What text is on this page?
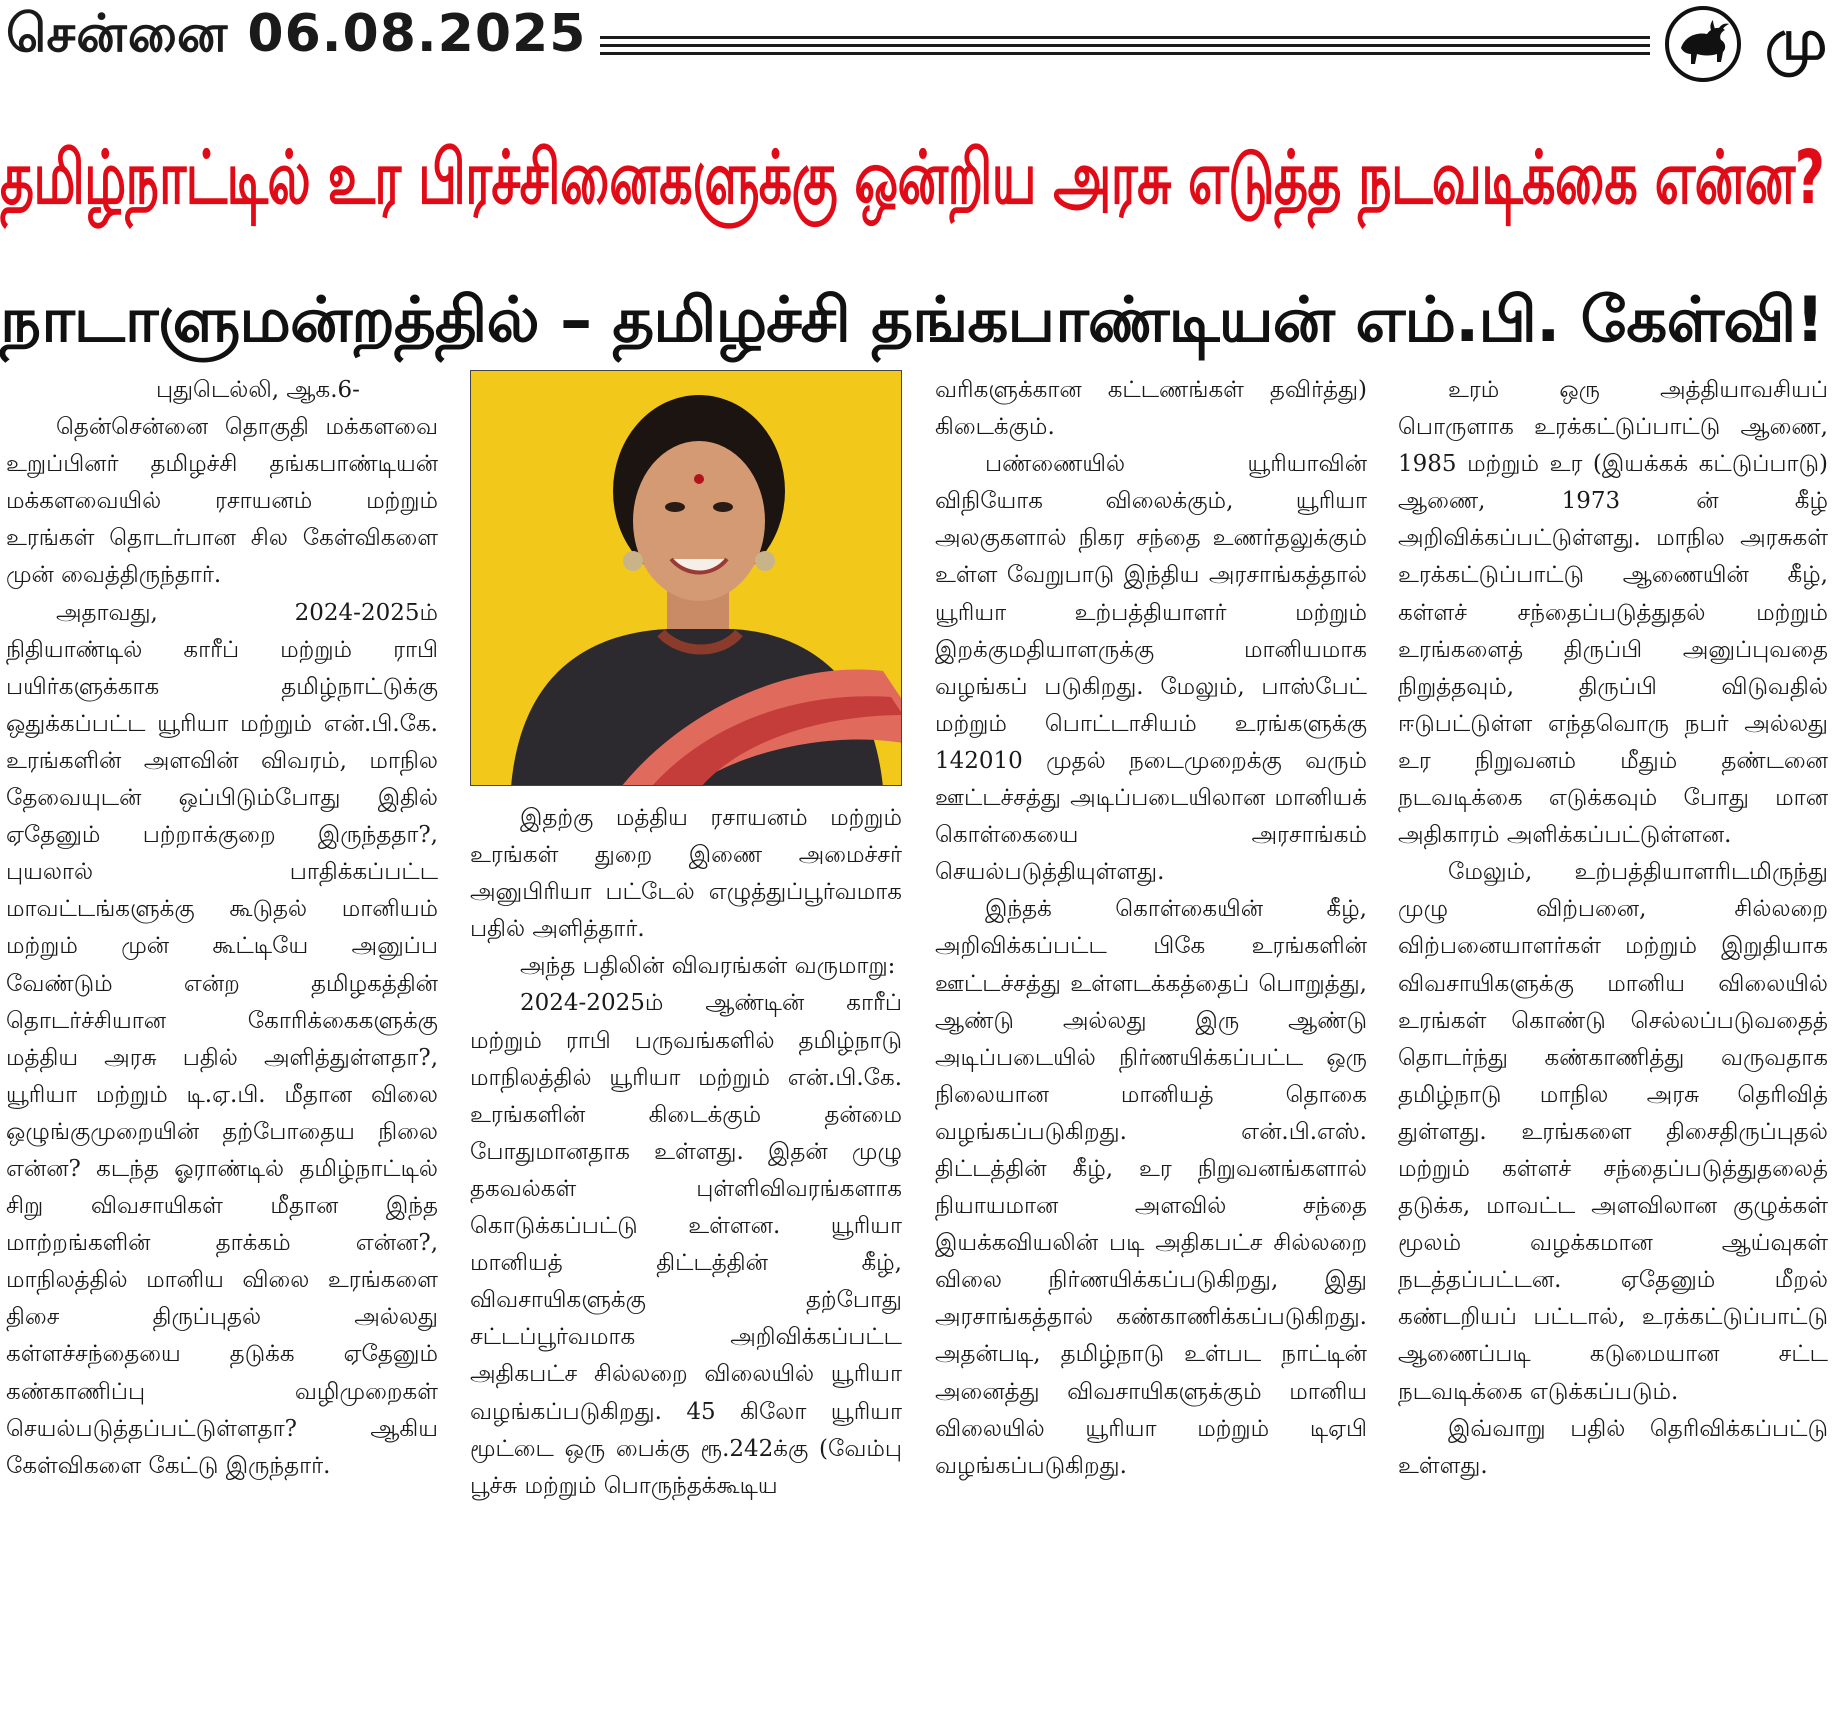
சென்னை 06.08.2025	மு
தமிழ்நாட்டில் உர பிரச்சினைகளுக்கு ஒன்றிய அரசு எடுத்த நடவடிக்கை என்ன?
நாடாளுமன்றத்தில் – தமிழச்சி தங்கபாண்டியன் எம்.பி. கேள்வி!

புதுடெல்லி, ஆக.6-

தென்சென்னை தொகுதி மக்களவை உறுப்பினர் தமிழச்சி தங்கபாண்டியன் மக்களவையில் ரசாயனம் மற்றும் உரங்கள் தொடர்பான சில கேள்விகளை முன் வைத்திருந்தார்.

அதாவது, 2024-2025ம் நிதியாண்டில் காரீப் மற்றும் ராபி பயிர்களுக்காக தமிழ்நாட்டுக்கு ஒதுக்கப்பட்ட யூரியா மற்றும் என்.பி.கே. உரங்களின் அளவின் விவரம், மாநில தேவையுடன் ஒப்பிடும்போது இதில் ஏதேனும் பற்றாக்குறை இருந்ததா?, புயலால் பாதிக்கப்பட்ட மாவட்டங்களுக்கு கூடுதல் மானியம் மற்றும் முன் கூட்டியே அனுப்ப வேண்டும் என்ற தமிழகத்தின் தொடர்ச்சியான கோரிக்கைகளுக்கு மத்திய அரசு பதில் அளித்துள்ளதா?, யூரியா மற்றும் டி.ஏ.பி. மீதான விலை ஒழுங்குமுறையின் தற்போதைய நிலை என்ன? கடந்த ஓராண்டில் தமிழ்நாட்டில் சிறு விவசாயிகள் மீதான இந்த மாற்றங்களின் தாக்கம் என்ன?, மாநிலத்தில் மானிய விலை உரங்களை திசை திருப்புதல் அல்லது கள்ளச்சந்தையை தடுக்க ஏதேனும் கண்காணிப்பு வழிமுறைகள் செயல்படுத்தப்பட்டுள்ளதா? ஆகிய கேள்விகளை கேட்டு இருந்தார்.

இதற்கு மத்திய ரசாயனம் மற்றும் உரங்கள் துறை இணை அமைச்சர் அனுபிரியா பட்டேல் எழுத்துப்பூர்வமாக பதில் அளித்தார்.

அந்த பதிலின் விவரங்கள் வருமாறு:

2024-2025ம் ஆண்டின் காரீப் மற்றும் ராபி பருவங்களில் தமிழ்நாடு மாநிலத்தில் யூரியா மற்றும் என்.பி.கே. உரங்களின் கிடைக்கும் தன்மை போதுமானதாக உள்ளது. இதன் முழு தகவல்கள் புள்ளிவிவரங்களாக கொடுக்கப்பட்டு உள்ளன. யூரியா மானியத் திட்டத்தின் கீழ், விவசாயிகளுக்கு தற்போது சட்டப்பூர்வமாக அறிவிக்கப்பட்ட அதிகபட்ச சில்லறை விலையில் யூரியா வழங்கப்படுகிறது. 45 கிலோ யூரியா மூட்டை ஒரு பைக்கு ரூ.242க்கு (வேம்பு பூச்சு மற்றும் பொருந்தக்கூடிய

வரிகளுக்கான கட்டணங்கள் தவிர்த்து) கிடைக்கும்.

பண்ணையில் யூரியாவின் விநியோக விலைக்கும், யூரியா அலகுகளால் நிகர சந்தை உணர்தலுக்கும் உள்ள வேறுபாடு இந்திய அரசாங்கத்தால் யூரியா உற்பத்தியாளர் மற்றும் இறக்குமதியாளருக்கு மானியமாக வழங்கப் படுகிறது. மேலும், பாஸ்பேட் மற்றும் பொட்டாசியம் உரங்களுக்கு 142010 முதல் நடைமுறைக்கு வரும் ஊட்டச்சத்து அடிப்படையிலான மானியக் கொள்கையை அரசாங்கம் செயல்படுத்தியுள்ளது.

இந்தக் கொள்கையின் கீழ், அறிவிக்கப்பட்ட பிகே உரங்களின் ஊட்டச்சத்து உள்ளடக்கத்தைப் பொறுத்து, ஆண்டு அல்லது இரு ஆண்டு அடிப்படையில் நிர்ணயிக்கப்பட்ட ஒரு நிலையான மானியத் தொகை வழங்கப்படுகிறது. என்.பி.எஸ். திட்டத்தின் கீழ், உர நிறுவனங்களால் நியாயமான அளவில் சந்தை இயக்கவியலின் படி அதிகபட்ச சில்லறை விலை நிர்ணயிக்கப்படுகிறது, இது அரசாங்கத்தால் கண்காணிக்கப்படுகிறது. அதன்படி, தமிழ்நாடு உள்பட நாட்டின் அனைத்து விவசாயிகளுக்கும் மானிய விலையில் யூரியா மற்றும் டிஏபி வழங்கப்படுகிறது.

உரம் ஒரு அத்தியாவசியப் பொருளாக உரக்கட்டுப்பாட்டு ஆணை, 1985 மற்றும் உர (இயக்கக் கட்டுப்பாடு) ஆணை, 1973 ன் கீழ் அறிவிக்கப்பட்டுள்ளது. மாநில அரசுகள் உரக்கட்டுப்பாட்டு ஆணையின் கீழ், கள்ளச் சந்தைப்படுத்துதல் மற்றும் உரங்களைத் திருப்பி அனுப்புவதை நிறுத்தவும், திருப்பி விடுவதில் ஈடுபட்டுள்ள எந்தவொரு நபர் அல்லது உர நிறுவனம் மீதும் தண்டனை நடவடிக்கை எடுக்கவும் போது மான அதிகாரம் அளிக்கப்பட்டுள்ளன.

மேலும், உற்பத்தியாளரிடமிருந்து முழு விற்பனை, சில்லறை விற்பனையாளர்கள் மற்றும் இறுதியாக விவசாயிகளுக்கு மானிய விலையில் உரங்கள் கொண்டு செல்லப்படுவதைத் தொடர்ந்து கண்காணித்து வருவதாக தமிழ்நாடு மாநில அரசு தெரிவித் துள்ளது. உரங்களை திசைதிருப்புதல் மற்றும் கள்ளச் சந்தைப்படுத்துதலைத் தடுக்க, மாவட்ட அளவிலான குழுக்கள் மூலம் வழக்கமான ஆய்வுகள் நடத்தப்பட்டன. ஏதேனும் மீறல் கண்டறியப் பட்டால், உரக்கட்டுப்பாட்டு ஆணைப்படி கடுமையான சட்ட நடவடிக்கை எடுக்கப்படும்.

இவ்வாறு பதில் தெரிவிக்கப்பட்டு உள்ளது.
